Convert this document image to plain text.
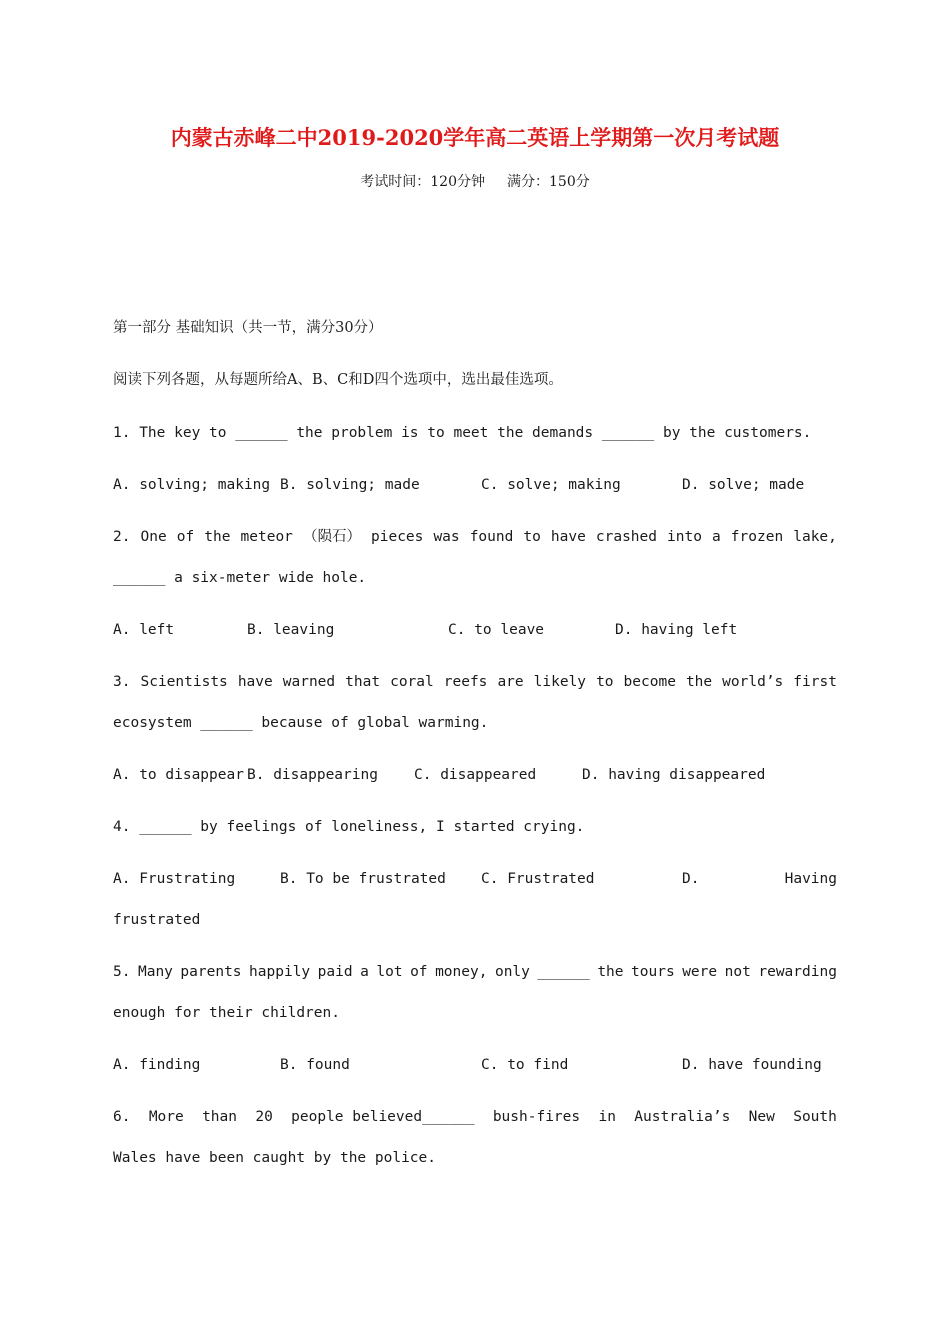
内蒙古赤峰二中2019-2020学年高二英语上学期第一次月考试题
考试时间：120分钟 满分：150分
第一部分 基础知识（共一节，满分30分）
阅读下列各题，从每题所给A、B、C和D四个选项中，选出最佳选项。
1. The key to ______ the problem is to meet the demands ______ by the customers.
A. solving; making B. solving; made	C. solve; making	D. solve; made
2. One of the meteor （陨石） pieces was found to have crashed into a frozen lake,
______ a six-meter wide hole.
A. left	B. leaving	C. to leave	D. having left
3. Scientists have warned that coral reefs are likely to become the world’s first
ecosystem ______ because of global warming.
A. to disappear B. disappearing C. disappeared	D. having disappeared
4. ______ by feelings of loneliness, I started crying.
A. Frustrating	B. To be frustrated C. Frustrated	D.	Having
frustrated
5. Many parents happily paid a lot of money, only ______ the tours were not rewarding
enough for their children.
A. finding	B. found	C. to find	D. have founding
6. More than 20 people believed______ bush-fires in Australia’s New South
Wales have been caught by the police.
